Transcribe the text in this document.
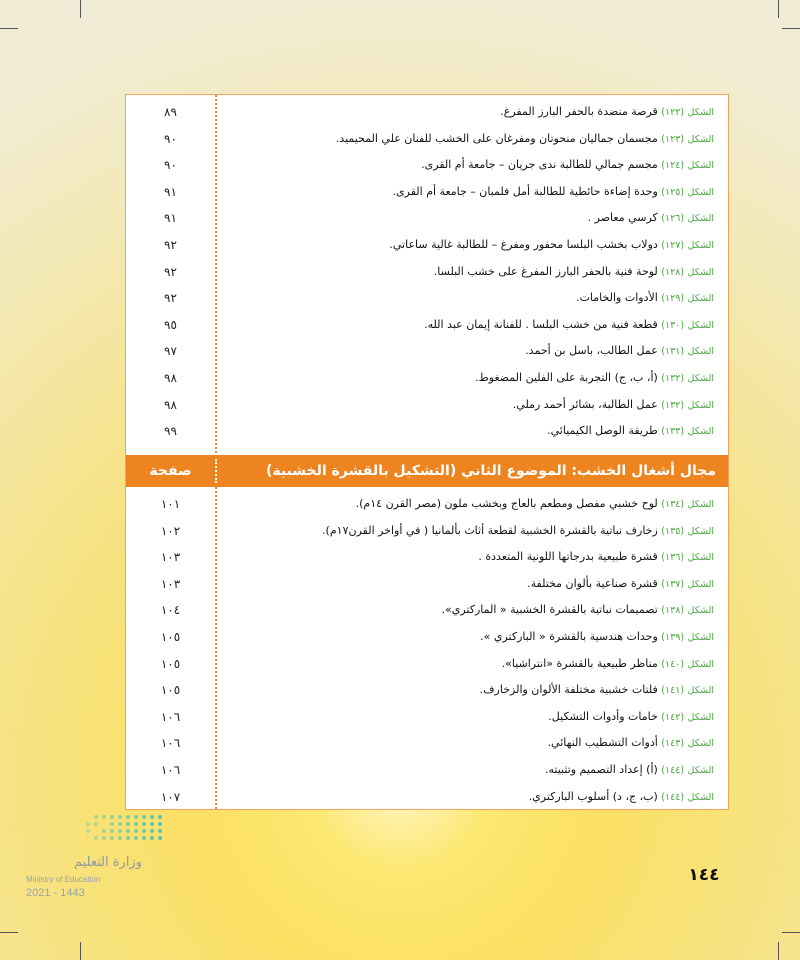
٨٩	الشكل (١٢٢) قرصة منضدة بالحفر البارز المفرغ.
٩٠	الشكل (١٢٣) مجسمان جماليان منحوتان ومفرغان على الخشب للفنان علي المحيميد.
٩٠	الشكل (١٢٤) مجسم جمالي للطالبة ندى جريان – جامعة أم القرى.
٩١	الشكل (١٢٥) وحدة إضاءة حائطية للطالبة أمل فلمبان – جامعة أم القرى.
٩١	الشكل (١٢٦) كرسي معاصر .
٩٢	الشكل (١٢٧) دولاب بخشب البلسا محفور ومفرغ – للطالبة غالية ساعاتي.
٩٢	الشكل (١٢٨) لوحة فنية بالحفر البارز المفرغ على خشب البلسا.
٩٢	الشكل (١٢٩) الأدوات والخامات.
٩٥	الشكل (١٣٠) قطعة فنية من خشب البلسا . للفنانة إيمان عبد الله.
٩٧	الشكل (١٣١) عمل الطالب، باسل بن أحمد.
٩٨	الشكل (١٣٢) (أ، ب، ج) التجربة على الفلين المضغوط.
٩٨	الشكل (١٣٢) عمل الطالبة، بشائر أحمد رملي.
٩٩	الشكل (١٣٣) طريقة الوصل الكيميائي.
صفحة	مجال أشغال الخشب: الموضوع الثاني (التشكيل بالقشرة الخشبية)
١٠١	الشكل (١٣٤) لوح خشبي مفصل ومطعم بالعاج وبخشب ملون (مصر القرن ١٤م).
١٠٢	الشكل (١٣٥) زخارف نباتية بالقشرة الخشبية لقطعة أثاث بألمانيا ( في أواخر القرن١٧م).
١٠٣	الشكل (١٣٦) قشرة طبيعية بدرجاتها اللونية المتعددة .
١٠٣	الشكل (١٣٧) قشرة صناعية بألوان مختلفة.
١٠٤	الشكل (١٣٨) تصميمات نباتية بالقشرة الخشبية « الماركتري».
١٠٥	الشكل (١٣٩) وحدات هندسية بالقشرة « الباركتري ».
١٠٥	الشكل (١٤٠) مناظر طبيعية بالقشرة «انتراشيا».
١٠٥	الشكل (١٤١) فلتات خشبية مختلفة الألوان والزخارف.
١٠٦	الشكل (١٤٢) خامات وأدوات التشكيل.
١٠٦	الشكل (١٤٣) أدوات التشطيب النهائي.
١٠٦	الشكل (١٤٤) (أ) إعداد التصميم وتثبيته.
١٠٧	الشكل (١٤٤) (ب، ج، د) أسلوب الباركتري.
وزارة التعليم
Ministry of Education
2021 - 1443
١٤٤
